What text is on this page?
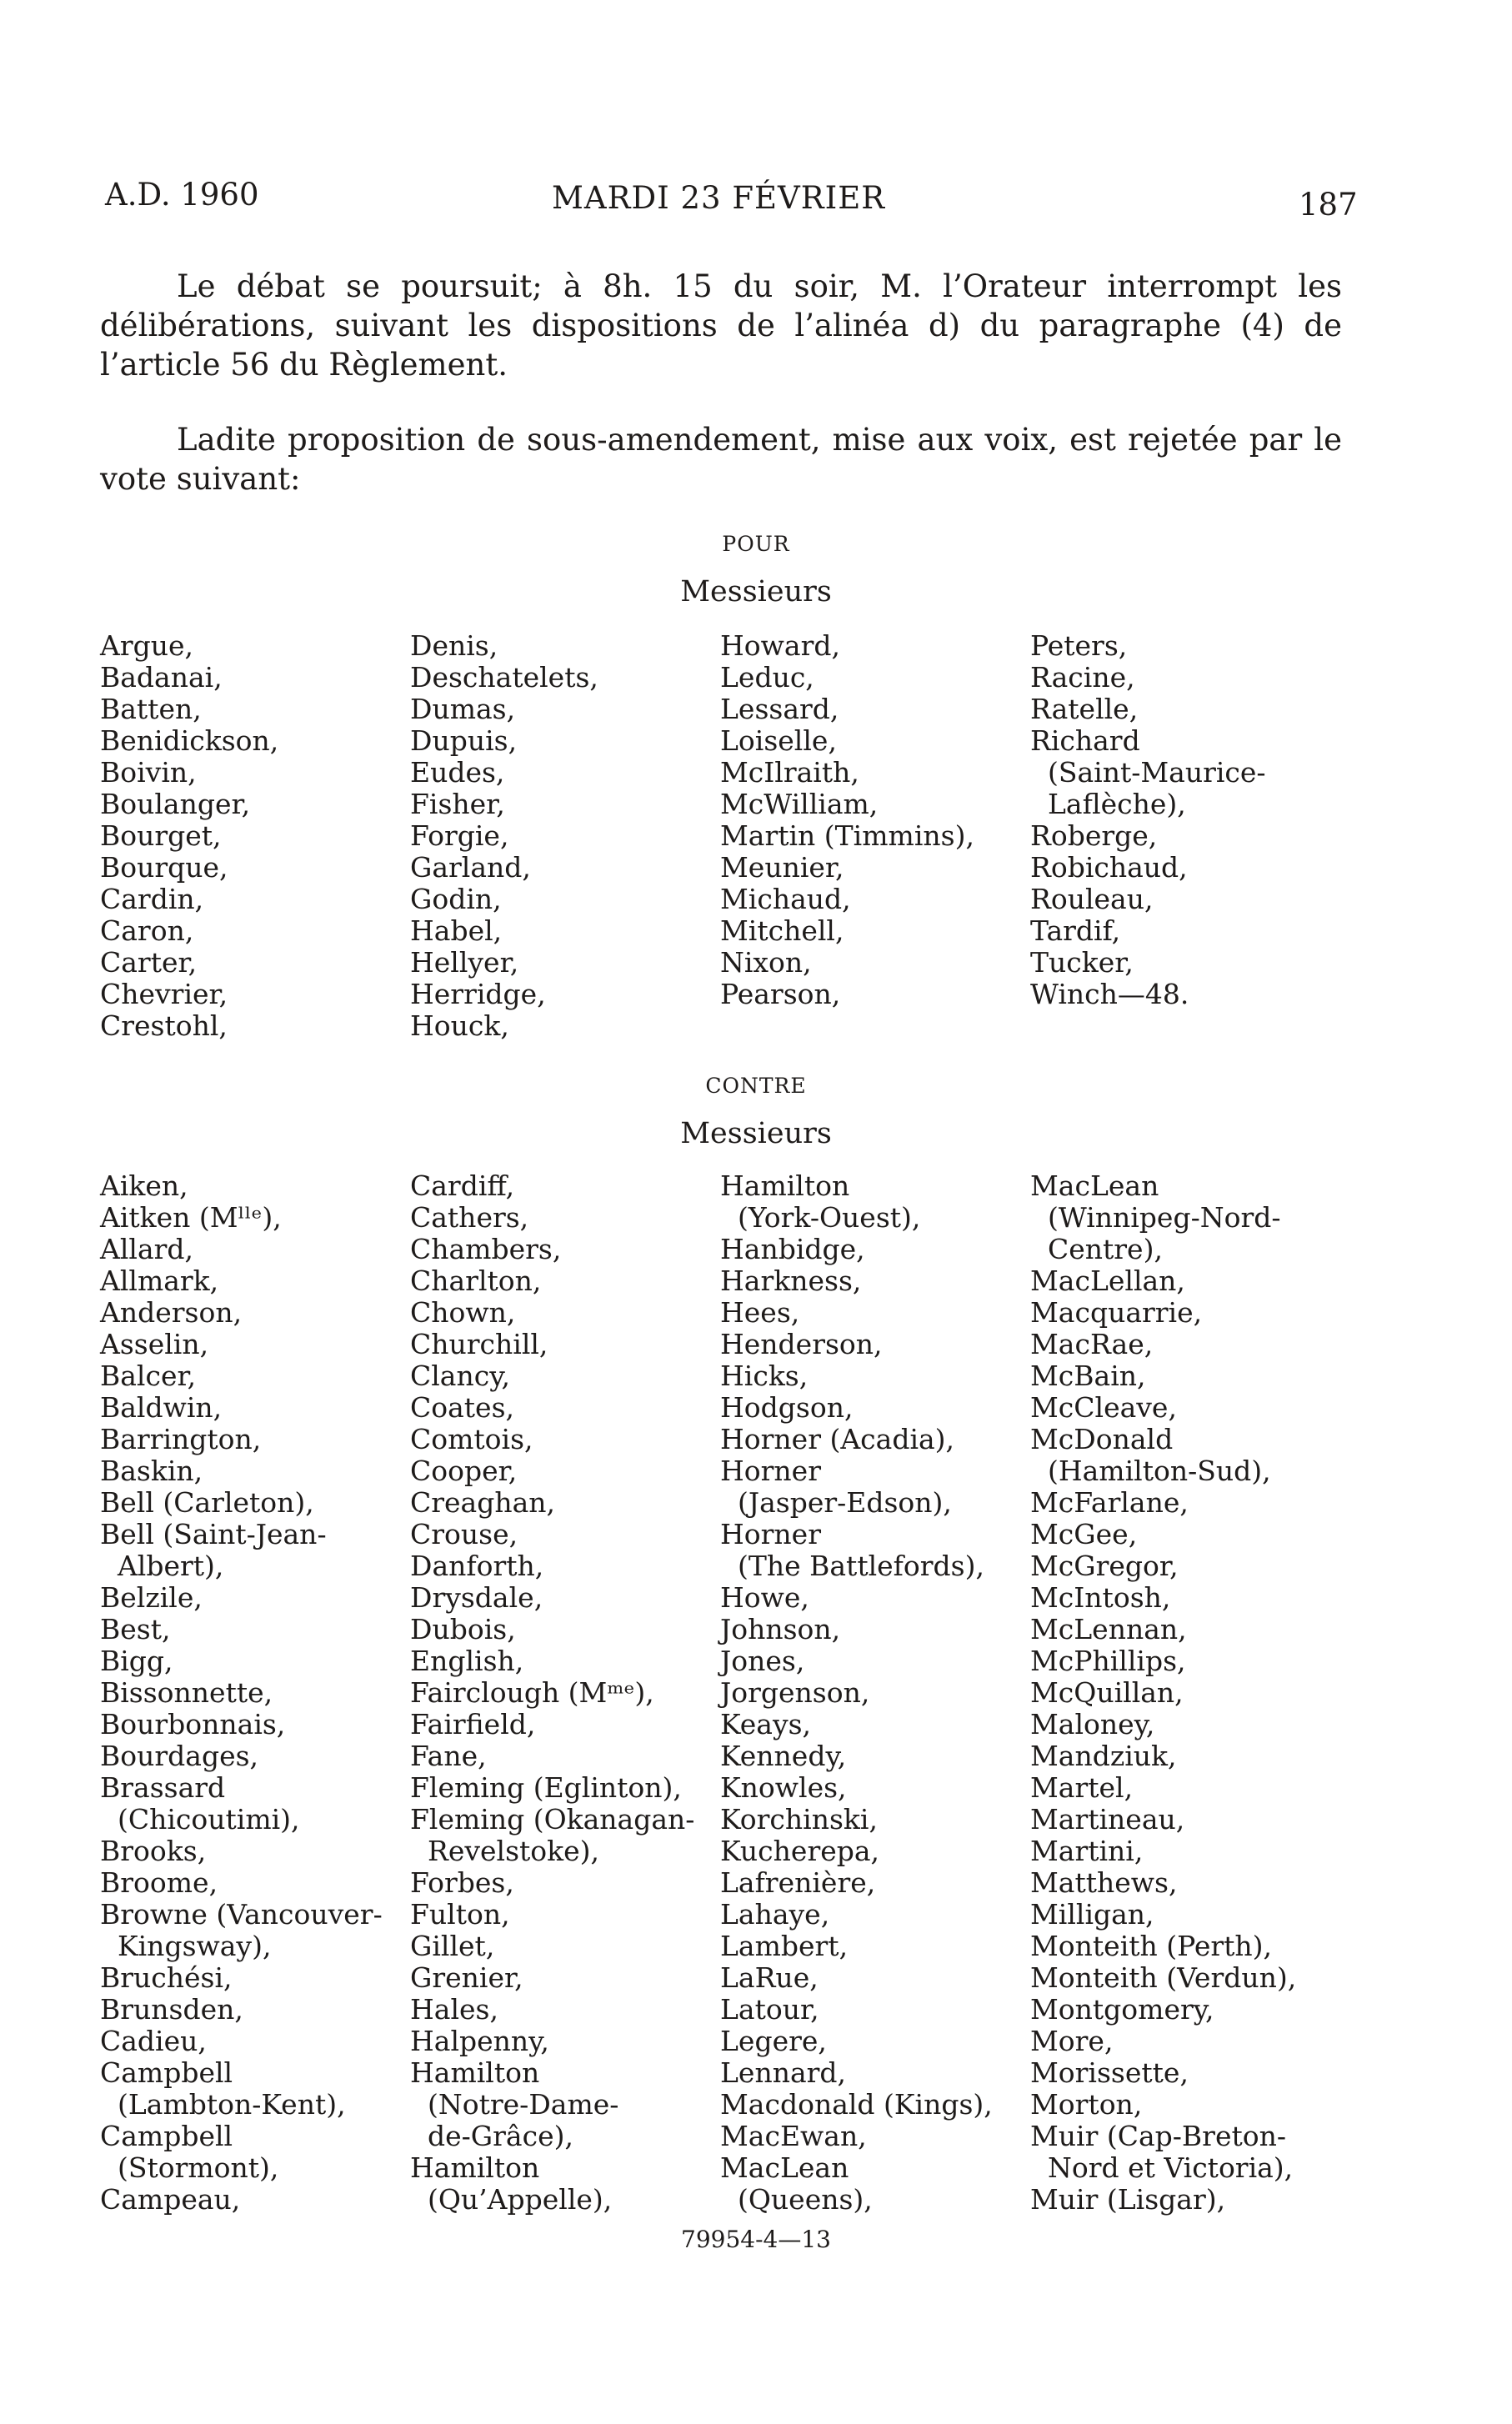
A.D. 1960	MARDI 23 FÉVRIER	187

Le débat se poursuit; à 8h. 15 du soir, M. l’Orateur interrompt les délibérations, suivant les dispositions de l’alinéa d) du paragraphe (4) de l’article 56 du Règlement.

Ladite proposition de sous-amendement, mise aux voix, est rejetée par le vote suivant:

POUR
Messieurs
Argue,
Badanai,
Batten,
Benidickson,
Boivin,
Boulanger,
Bourget,
Bourque,
Cardin,
Caron,
Carter,
Chevrier,
Crestohl,
Denis,
Deschatelets,
Dumas,
Dupuis,
Eudes,
Fisher,
Forgie,
Garland,
Godin,
Habel,
Hellyer,
Herridge,
Houck,
Howard,
Leduc,
Lessard,
Loiselle,
McIlraith,
McWilliam,
Martin (Timmins),
Meunier,
Michaud,
Mitchell,
Nixon,
Pearson,
Peters,
Racine,
Ratelle,
Richard
(Saint-Maurice-
Laflèche),
Roberge,
Robichaud,
Rouleau,
Tardif,
Tucker,
Winch—48.
CONTRE
Messieurs
Aiken,
Aitken (Mˡˡᵉ),
Allard,
Allmark,
Anderson,
Asselin,
Balcer,
Baldwin,
Barrington,
Baskin,
Bell (Carleton),
Bell (Saint-Jean-
Albert),
Belzile,
Best,
Bigg,
Bissonnette,
Bourbonnais,
Bourdages,
Brassard
(Chicoutimi),
Brooks,
Broome,
Browne (Vancouver-
Kingsway),
Bruchési,
Brunsden,
Cadieu,
Campbell
(Lambton-Kent),
Campbell
(Stormont),
Campeau,
Cardiff,
Cathers,
Chambers,
Charlton,
Chown,
Churchill,
Clancy,
Coates,
Comtois,
Cooper,
Creaghan,
Crouse,
Danforth,
Drysdale,
Dubois,
English,
Fairclough (Mᵐᵉ),
Fairfield,
Fane,
Fleming (Eglinton),
Fleming (Okanagan-
Revelstoke),
Forbes,
Fulton,
Gillet,
Grenier,
Hales,
Halpenny,
Hamilton
(Notre-Dame-
de-Grâce),
Hamilton
(Qu’Appelle),
Hamilton
(York-Ouest),
Hanbidge,
Harkness,
Hees,
Henderson,
Hicks,
Hodgson,
Horner (Acadia),
Horner
(Jasper-Edson),
Horner
(The Battlefords),
Howe,
Johnson,
Jones,
Jorgenson,
Keays,
Kennedy,
Knowles,
Korchinski,
Kucherepa,
Lafrenière,
Lahaye,
Lambert,
LaRue,
Latour,
Legere,
Lennard,
Macdonald (Kings),
MacEwan,
MacLean
(Queens),
MacLean
(Winnipeg-Nord-
Centre),
MacLellan,
Macquarrie,
MacRae,
McBain,
McCleave,
McDonald
(Hamilton-Sud),
McFarlane,
McGee,
McGregor,
McIntosh,
McLennan,
McPhillips,
McQuillan,
Maloney,
Mandziuk,
Martel,
Martineau,
Martini,
Matthews,
Milligan,
Monteith (Perth),
Monteith (Verdun),
Montgomery,
More,
Morissette,
Morton,
Muir (Cap-Breton-
Nord et Victoria),
Muir (Lisgar),
79954-4—13
